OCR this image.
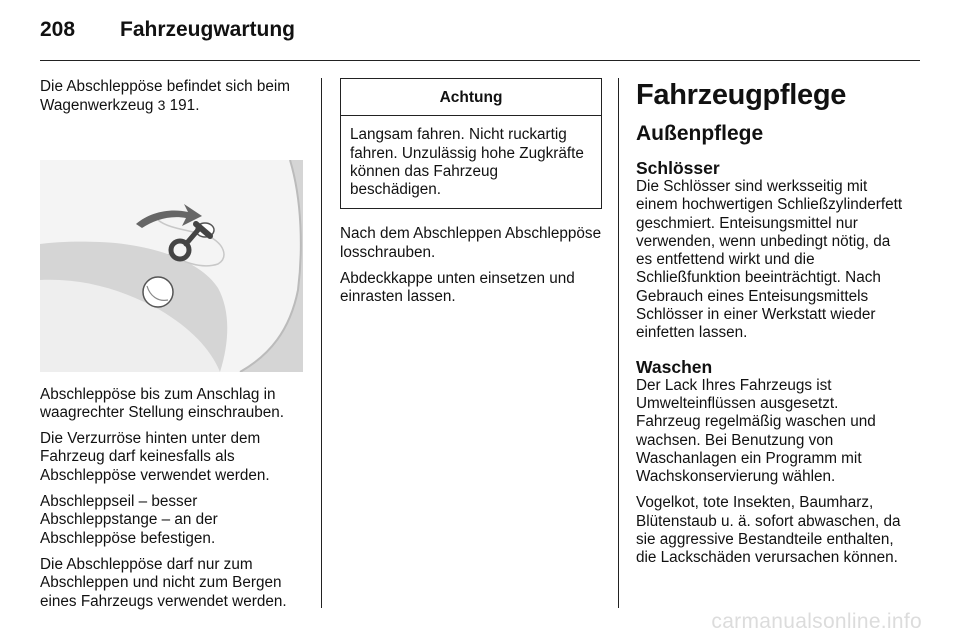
208	Fahrzeugwartung
Die Abschleppöse befindet sich beim
Wagenwerkzeug 3 191.

Abschleppöse bis zum Anschlag in waagrechter Stellung einschrauben.

Die Verzurröse hinten unter dem Fahrzeug darf keinesfalls als Abschleppöse verwendet werden.

Abschleppseil – besser Abschleppstange – an der Abschleppöse befestigen.

Die Abschleppöse darf nur zum Abschleppen und nicht zum Bergen eines Fahrzeugs verwendet werden.

Achtung
Langsam fahren. Nicht ruckartig fahren. Unzulässig hohe Zugkräfte können das Fahrzeug beschädigen.

Nach dem Abschleppen Abschleppöse losschrauben.

Abdeckkappe unten einsetzen und einrasten lassen.

Fahrzeugpflege
Außenpflege
Schlösser

Die Schlösser sind werksseitig mit einem hochwertigen Schließzylinderfett geschmiert. Enteisungsmittel nur verwenden, wenn unbedingt nötig, da es entfettend wirkt und die Schließfunktion beeinträchtigt. Nach Gebrauch eines Enteisungsmittels Schlösser in einer Werkstatt wieder einfetten lassen.

Waschen

Der Lack Ihres Fahrzeugs ist Umwelteinflüssen ausgesetzt. Fahrzeug regelmäßig waschen und wachsen. Bei Benutzung von Waschanlagen ein Programm mit Wachskonservierung wählen.

Vogelkot, tote Insekten, Baumharz, Blütenstaub u. ä. sofort abwaschen, da sie aggressive Bestandteile enthalten, die Lackschäden verursachen können.

carmanualsonline.info
